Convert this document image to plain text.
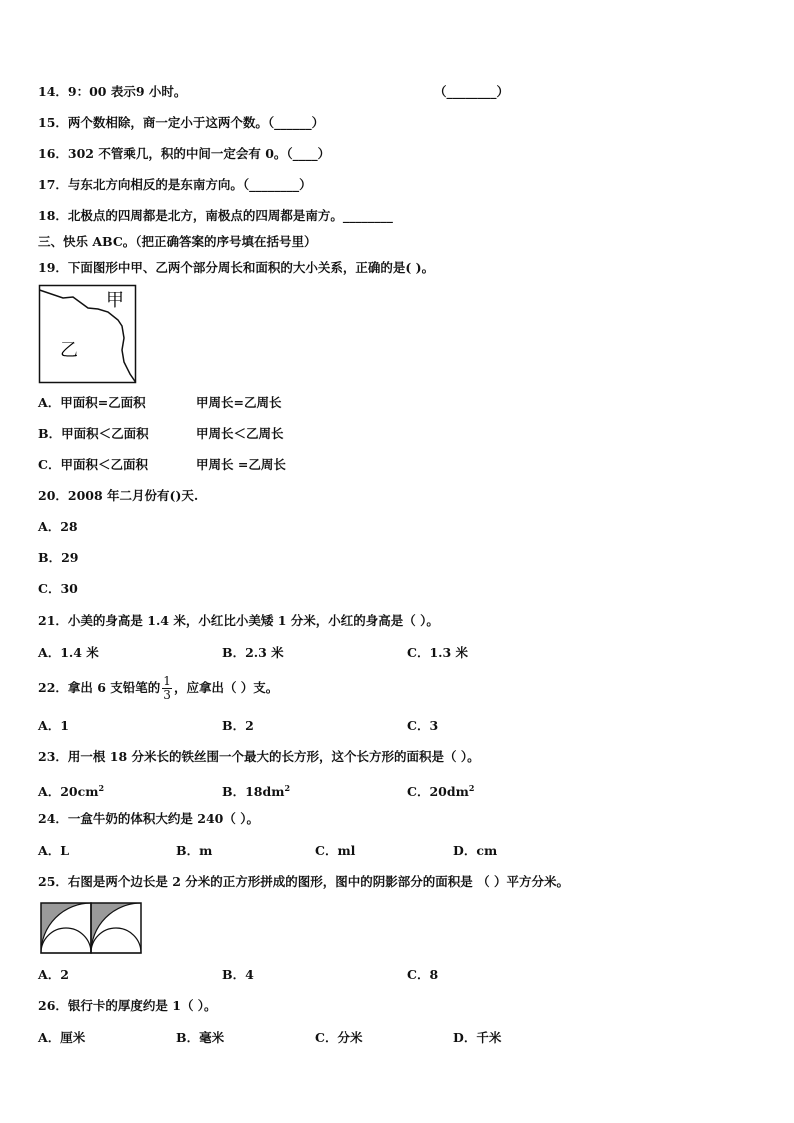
14．9：00 表示9 小时。	（________）
15．两个数相除，商一定小于这两个数。（______）
16．302 不管乘几，积的中间一定会有 0。（____）
17．与东北方向相反的是东南方向。（________）
18．北极点的四周都是北方，南极点的四周都是南方。________
三、快乐 ABC。（把正确答案的序号填在括号里）
19．下面图形中甲、乙两个部分周长和面积的大小关系，正确的是( )。
甲
乙
A．甲面积=乙面积	甲周长=乙周长
B．甲面积＜乙面积	甲周长＜乙周长
C．甲面积＜乙面积	甲周长 =乙周长
20．2008 年二月份有()天.
A．28
B．29
C．30
21．小美的身高是 1.4 米，小红比小美矮 1 分米，小红的身高是（ ）。
A．1.4 米	B．2.3 米	C．1.3 米
22．拿出 6 支铅笔的 $\frac{1}{3}$ ，应拿出（ ）支。
A．1	B．2	C．3
23．用一根 18 分米长的铁丝围一个最大的长方形，这个长方形的面积是（ ）。
A．$20cm^2$	B．$18dm^2$	C．$20dm^2$
24．一盒牛奶的体积大约是 240（ ）。
A．L	B．m	C．ml	D．cm
25．右图是两个边长是 2 分米的正方形拼成的图形，图中的阴影部分的面积是 （ ）平方分米。
A．2	B．4	C．8
26．银行卡的厚度约是 1（ ）。
A．厘米	B．毫米	C．分米	D．千米
